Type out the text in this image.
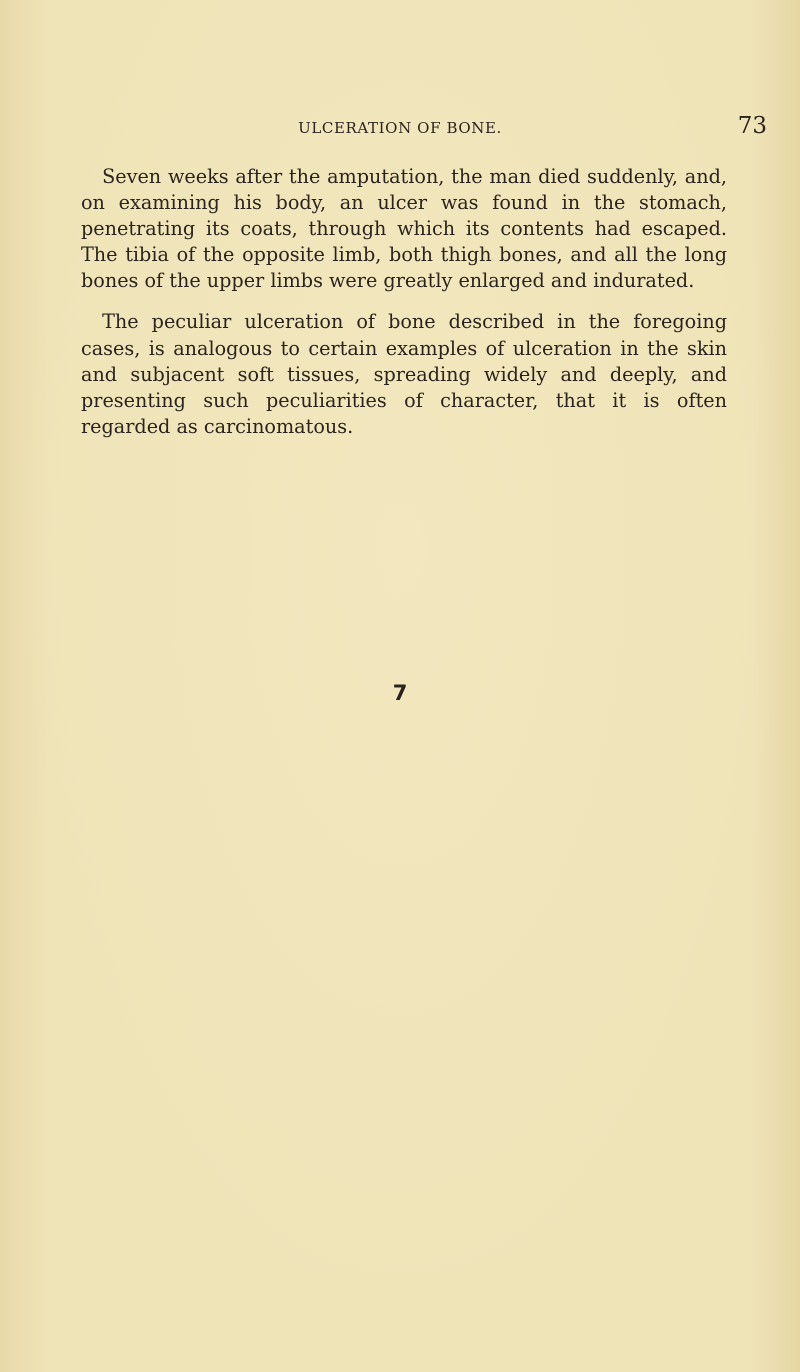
ULCERATION OF BONE.	73

Seven weeks after the amputation, the man died suddenly, and, on examining his body, an ulcer was found in the stomach, penetrating its coats, through which its contents had escaped. The tibia of the opposite limb, both thigh bones, and all the long bones of the upper limbs were greatly enlarged and indurated.

The peculiar ulceration of bone described in the foregoing cases, is analogous to certain examples of ulceration in the skin and subjacent soft tissues, spreading widely and deeply, and presenting such peculiarities of character, that it is often regarded as carcinomatous.

7
